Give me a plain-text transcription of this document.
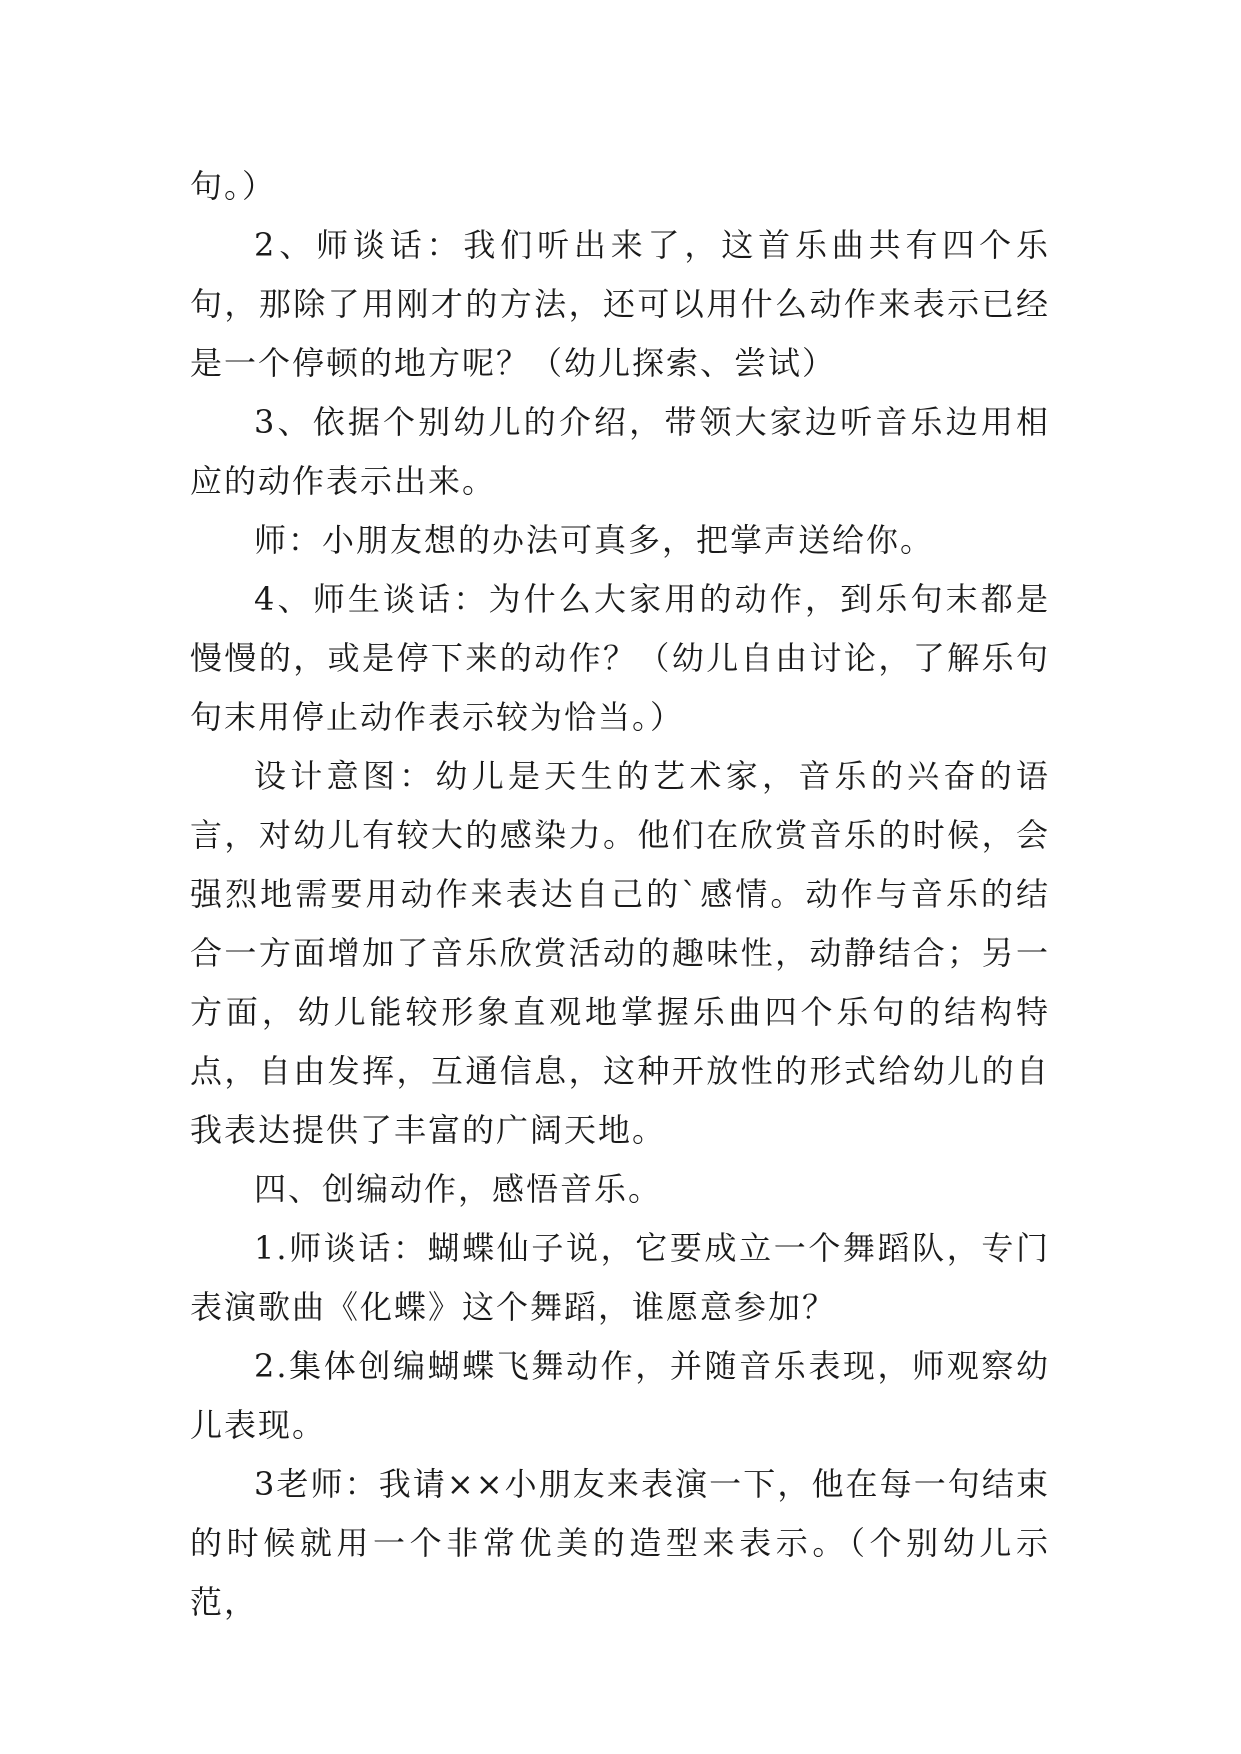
句。）

2、师谈话：我们听出来了，这首乐曲共有四个乐句，那除了用刚才的方法，还可以用什么动作来表示已经是一个停顿的地方呢？（幼儿探索、尝试）

3、依据个别幼儿的介绍，带领大家边听音乐边用相应的动作表示出来。

师：小朋友想的办法可真多，把掌声送给你。

4、师生谈话：为什么大家用的动作，到乐句末都是慢慢的，或是停下来的动作？（幼儿自由讨论，了解乐句句末用停止动作表示较为恰当。）

设计意图：幼儿是天生的艺术家，音乐的兴奋的语言，对幼儿有较大的感染力。他们在欣赏音乐的时候，会强烈地需要用动作来表达自己的`感情。动作与音乐的结合一方面增加了音乐欣赏活动的趣味性，动静结合；另一方面，幼儿能较形象直观地掌握乐曲四个乐句的结构特点，自由发挥，互通信息，这种开放性的形式给幼儿的自我表达提供了丰富的广阔天地。

四、创编动作，感悟音乐。

1.师谈话：蝴蝶仙子说，它要成立一个舞蹈队，专门表演歌曲《化蝶》这个舞蹈，谁愿意参加？

2.集体创编蝴蝶飞舞动作，并随音乐表现，师观察幼儿表现。

3老师：我请××小朋友来表演一下，他在每一句结束的时候就用一个非常优美的造型来表示。（个别幼儿示范，
